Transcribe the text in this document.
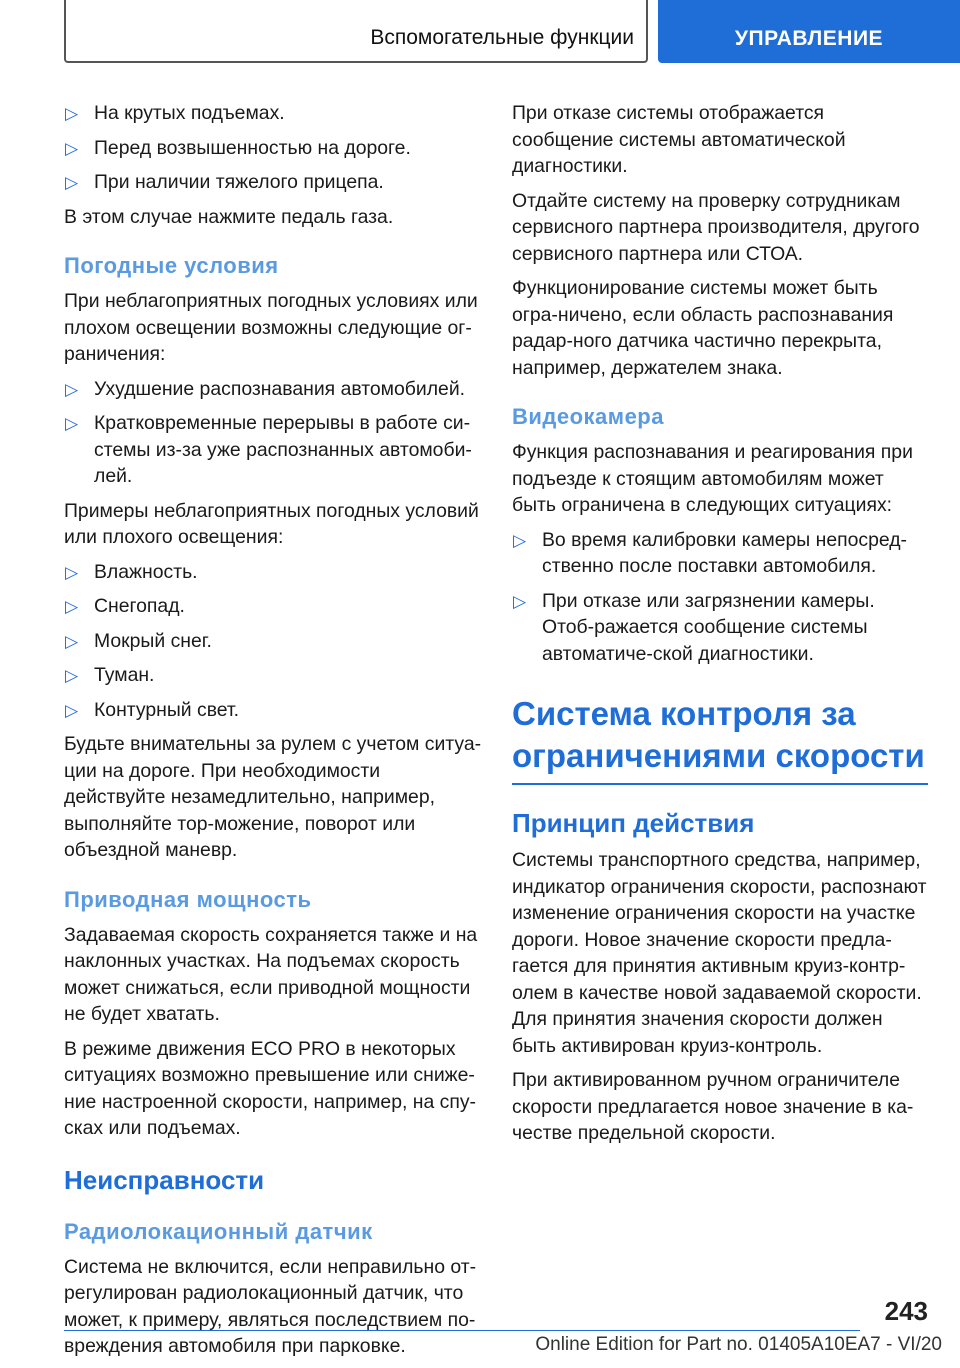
Вспомогательные функции	УПРАВЛЕНИЕ
▷ На крутых подъемах.
▷ Перед возвышенностью на дороге.
▷ При наличии тяжелого прицепа.

В этом случае нажмите педаль газа.

Погодные условия

При неблагоприятных погодных условиях или плохом освещении возможны следующие ог-раничения:

▷ Ухудшение распознавания автомобилей.
▷ Кратковременные перерывы в работе си-стемы из-за уже распознанных автомоби-лей.

Примеры неблагоприятных погодных условий или плохого освещения:

▷ Влажность.
▷ Снегопад.
▷ Мокрый снег.
▷ Туман.
▷ Контурный свет.

Будьте внимательны за рулем с учетом ситуа-ции на дороге. При необходимости действуйте незамедлительно, например, выполняйте тор-можение, поворот или объездной маневр.

Приводная мощность

Задаваемая скорость сохраняется также и на наклонных участках. На подъемах скорость может снижаться, если приводной мощности не будет хватать.

В режиме движения ECO PRO в некоторых ситуациях возможно превышение или сниже-ние настроенной скорости, например, на спу-сках или подъемах.

Неисправности
Радиолокационный датчик

Система не включится, если неправильно от-регулирован радиолокационный датчик, что может, к примеру, являться последствием по-вреждения автомобиля при парковке.

При отказе системы отображается сообщение системы автоматической диагностики.

Отдайте систему на проверку сотрудникам сервисного партнера производителя, другого сервисного партнера или СТОА.

Функционирование системы может быть огра-ничено, если область распознавания радар-ного датчика частично перекрыта, например, держателем знака.

Видеокамера

Функция распознавания и реагирования при подъезде к стоящим автомобилям может быть ограничена в следующих ситуациях:

▷ Во время калибровки камеры непосред-ственно после поставки автомобиля.
▷ При отказе или загрязнении камеры. Отоб-ражается сообщение системы автоматиче-ской диагностики.
Система контроля за ограничениями скорости
Принцип действия

Системы транспортного средства, например, индикатор ограничения скорости, распознают изменение ограничения скорости на участке дороги. Новое значение скорости предла-гается для принятия активным круиз-контр-олем в качестве новой задаваемой скорости. Для принятия значения скорости должен быть активирован круиз-контроль.

При активированном ручном ограничителе скорости предлагается новое значение в ка-честве предельной скорости.

243
Online Edition for Part no. 01405A10EA7 - VI/20
